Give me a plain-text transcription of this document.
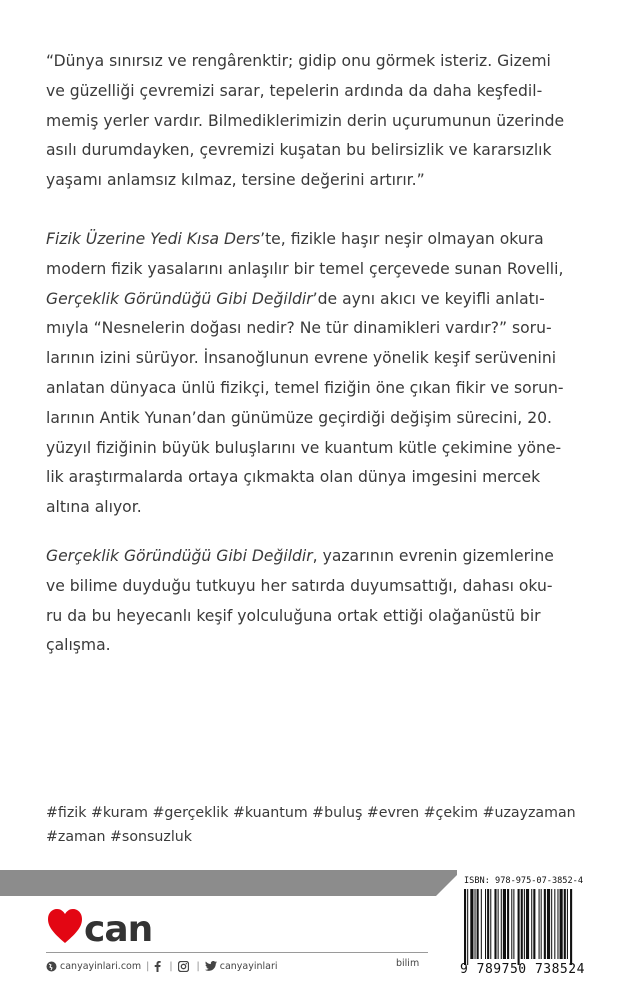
“Dünya sınırsız ve rengârenktir; gidip onu görmek isteriz. Gizemi
ve güzelliği çevremizi sarar, tepelerin ardında da daha keşfedil-
memiş yerler vardır. Bilmediklerimizin derin uçurumunun üzerinde
asılı durumdayken, çevremizi kuşatan bu belirsizlik ve kararsızlık
yaşamı anlamsız kılmaz, tersine değerini artırır.”
Fizik Üzerine Yedi Kısa Ders’te, fizikle haşır neşir olmayan okura
modern fizik yasalarını anlaşılır bir temel çerçevede sunan Rovelli,
Gerçeklik Göründüğü Gibi Değildir’de aynı akıcı ve keyifli anlatı-
mıyla “Nesnelerin doğası nedir? Ne tür dinamikleri vardır?” soru-
larının izini sürüyor. İnsanoğlunun evrene yönelik keşif serüvenini
anlatan dünyaca ünlü fizikçi, temel fiziğin öne çıkan fikir ve sorun-
larının Antik Yunan’dan günümüze geçirdiği değişim sürecini, 20.
yüzyıl fiziğinin büyük buluşlarını ve kuantum kütle çekimine yöne-
lik araştırmalarda ortaya çıkmakta olan dünya imgesini mercek
altına alıyor.
Gerçeklik Göründüğü Gibi Değildir, yazarının evrenin gizemlerine
ve bilime duyduğu tutkuyu her satırda duyumsattığı, dahası oku-
ru da bu heyecanlı keşif yolculuğuna ortak ettiği olağanüstü bir
çalışma.
#fizik #kuram #gerçeklik #kuantum #buluş #evren #çekim #uzayzaman
#zaman #sonsuzluk
can
canyayinlari.com | |	| canyayinlari	bilim
ISBN: 978-975-07-3852-4
9 789750 738524
